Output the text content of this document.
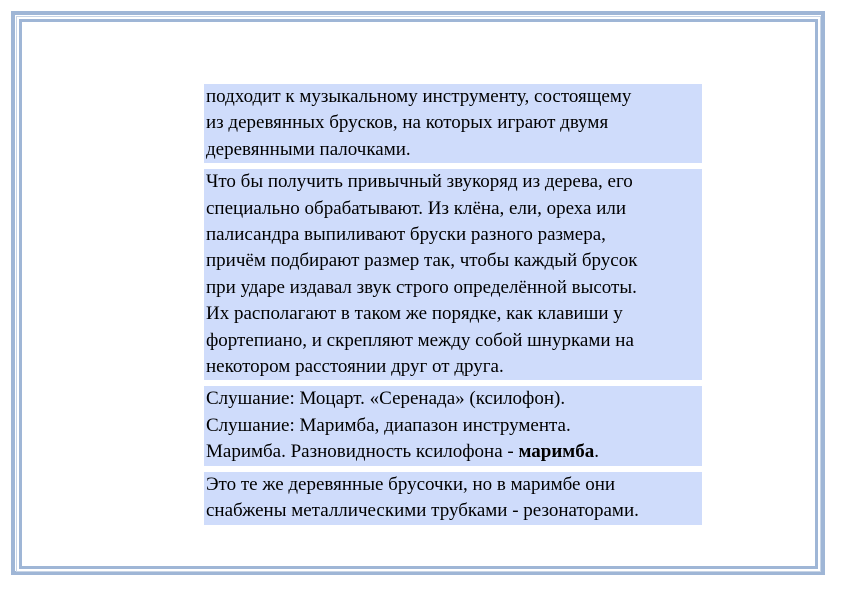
подходит к музыкальному инструменту, состоящему
из деревянных брусков, на которых играют двумя
деревянными палочками.

Что бы получить привычный звукоряд из дерева, его
специально обрабатывают. Из клёна, ели, ореха или
палисандра выпиливают бруски разного размера,
причём подбирают размер так, чтобы каждый брусок
при ударе издавал звук строго определённой высоты.
Их располагают в таком же порядке, как клавиши у
фортепиано, и скрепляют между собой шнурками на
некотором расстоянии друг от друга.

Слушание: Моцарт. «Серенада» (ксилофон).
Слушание: Маримба, диапазон инструмента.
Маримба. Разновидность ксилофона - маримба.

Это те же деревянные брусочки, но в маримбе они
снабжены металлическими трубками - резонаторами.
